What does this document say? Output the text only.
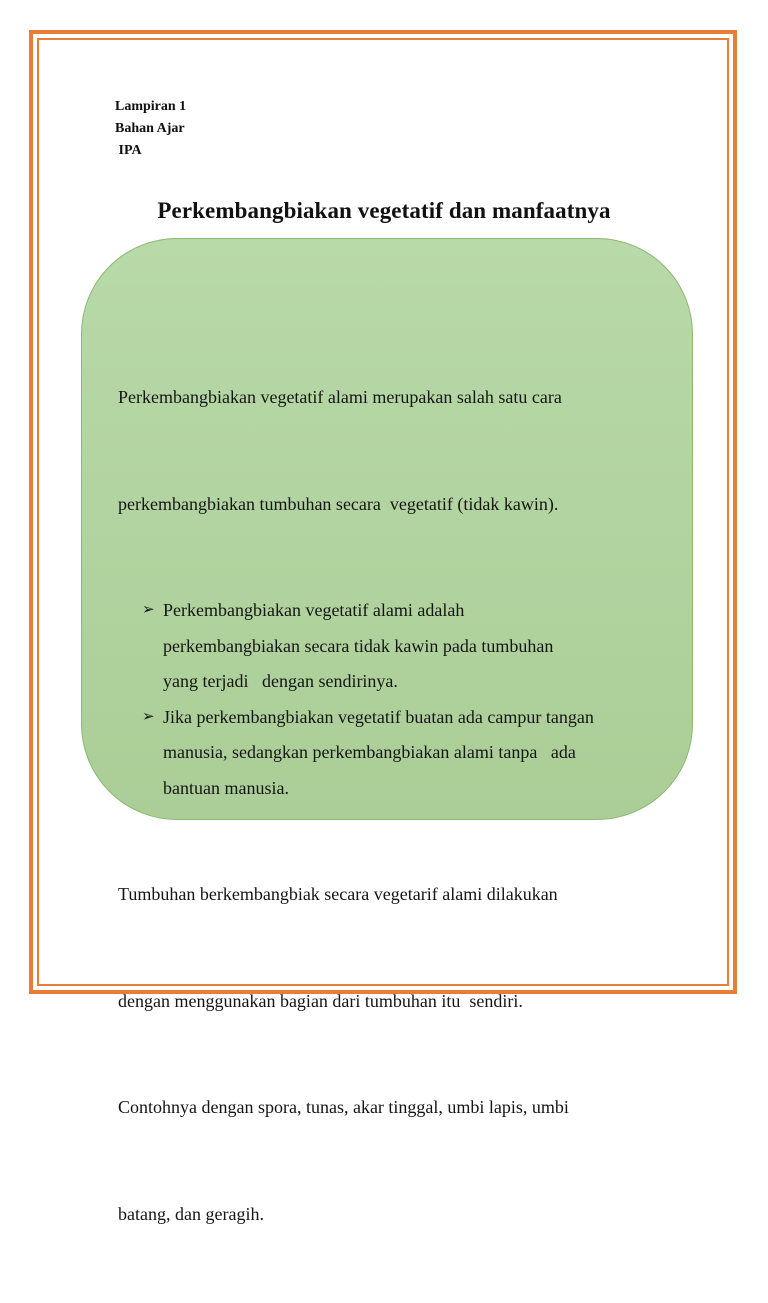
Lampiran 1
Bahan Ajar
IPA
Perkembangbiakan vegetatif dan manfaatnya

Perkembangbiakan vegetatif alami merupakan salah satu cara

perkembangbiakan tumbuhan secara  vegetatif (tidak kawin).

➢ Perkembangbiakan vegetatif alami adalah
perkembangbiakan secara tidak kawin pada tumbuhan
yang terjadi   dengan sendirinya.
➢ Jika perkembangbiakan vegetatif buatan ada campur tangan
manusia, sedangkan perkembangbiakan alami tanpa   ada
bantuan manusia.

Tumbuhan berkembangbiak secara vegetarif alami dilakukan

dengan menggunakan bagian dari tumbuhan itu  sendiri.

Contohnya dengan spora, tunas, akar tinggal, umbi lapis, umbi

batang, dan geragih.
